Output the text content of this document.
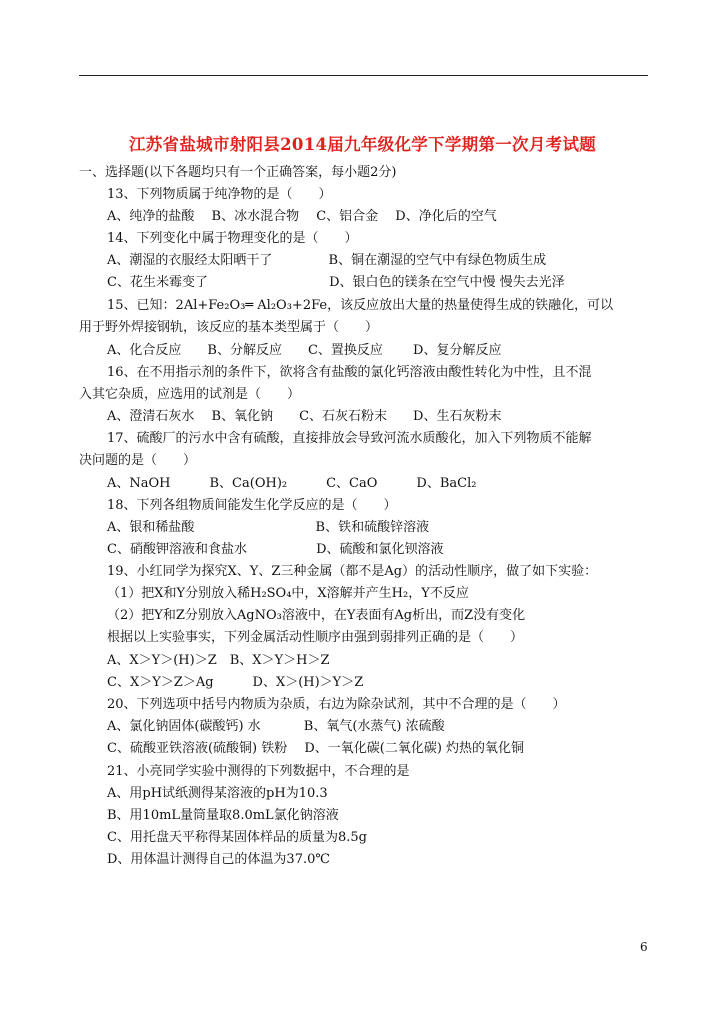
江苏省盐城市射阳县2014届九年级化学下学期第一次月考试题
一、选择题(以下各题均只有一个正确答案，每小题2分)
13、下列物质属于纯净物的是（　　）
A、纯净的盐酸　 B、冰水混合物　 C、铝合金　 D、净化后的空气
14、下列变化中属于物理变化的是（　　）
A、潮湿的衣服经太阳晒干了　　　　 B、铜在潮湿的空气中有绿色物质生成
C、花生米霉变了　　　　　　　　　 D、银白色的镁条在空气中慢 慢失去光泽
15、已知：2Al+Fe₂O₃═ Al₂O₃+2Fe，该反应放出大量的热量使得生成的铁融化，可以
用于野外焊接钢轨，该反应的基本类型属于（　　）
A、化合反应　　B、分解反应　　C、置换反应　　 D、复分解反应
16、在不用指示剂的条件下，欲将含有盐酸的氯化钙溶液由酸性转化为中性，且不混
入其它杂质，应选用的试剂是（　　）
A、澄清石灰水　 B、氧化钠　　C、石灰石粉末　　D、生石灰粉末
17、硫酸厂的污水中含有硫酸，直接排放会导致河流水质酸化，加入下列物质不能解
决问题的是（　　）
A、NaOH　　　B、Ca(OH)₂　　　C、CaO　　　D、BaCl₂
18、下列各组物质间能发生化学反应的是（　　）
A、银和稀盐酸　　　　　　　　　 B、铁和硫酸锌溶液
C、硝酸钾溶液和食盐水　　　　　 D、硫酸和氯化钡溶液
19、小红同学为探究X、Y、Z三种金属（都不是Ag）的活动性顺序，做了如下实验：
（1）把X和Y分别放入稀H₂SO₄中，X溶解并产生H₂，Y不反应
（2）把Y和Z分别放入AgNO₃溶液中，在Y表面有Ag析出，而Z没有变化
根据以上实验事实，下列金属活动性顺序由强到弱排列正确的是（　　）
A、X＞Y＞(H)＞Z　B、X＞Y＞H＞Z
C、X＞Y＞Z＞Ag　　　D、X＞(H)＞Y＞Z
20、下列选项中括号内物质为杂质，右边为除杂试剂，其中不合理的是（　　）
A、氯化钠固体(碳酸钙) 水　　　 B、氧气(水蒸气) 浓硫酸
C、硫酸亚铁溶液(硫酸铜) 铁粉　 D、一氧化碳(二氧化碳) 灼热的氧化铜
21、小亮同学实验中测得的下列数据中，不合理的是
A、用pH试纸测得某溶液的pH为10.3
B、用10mL量筒量取8.0mL氯化钠溶液
C、用托盘天平称得某固体样品的质量为8.5g
D、用体温计测得自己的体温为37.0℃
6
